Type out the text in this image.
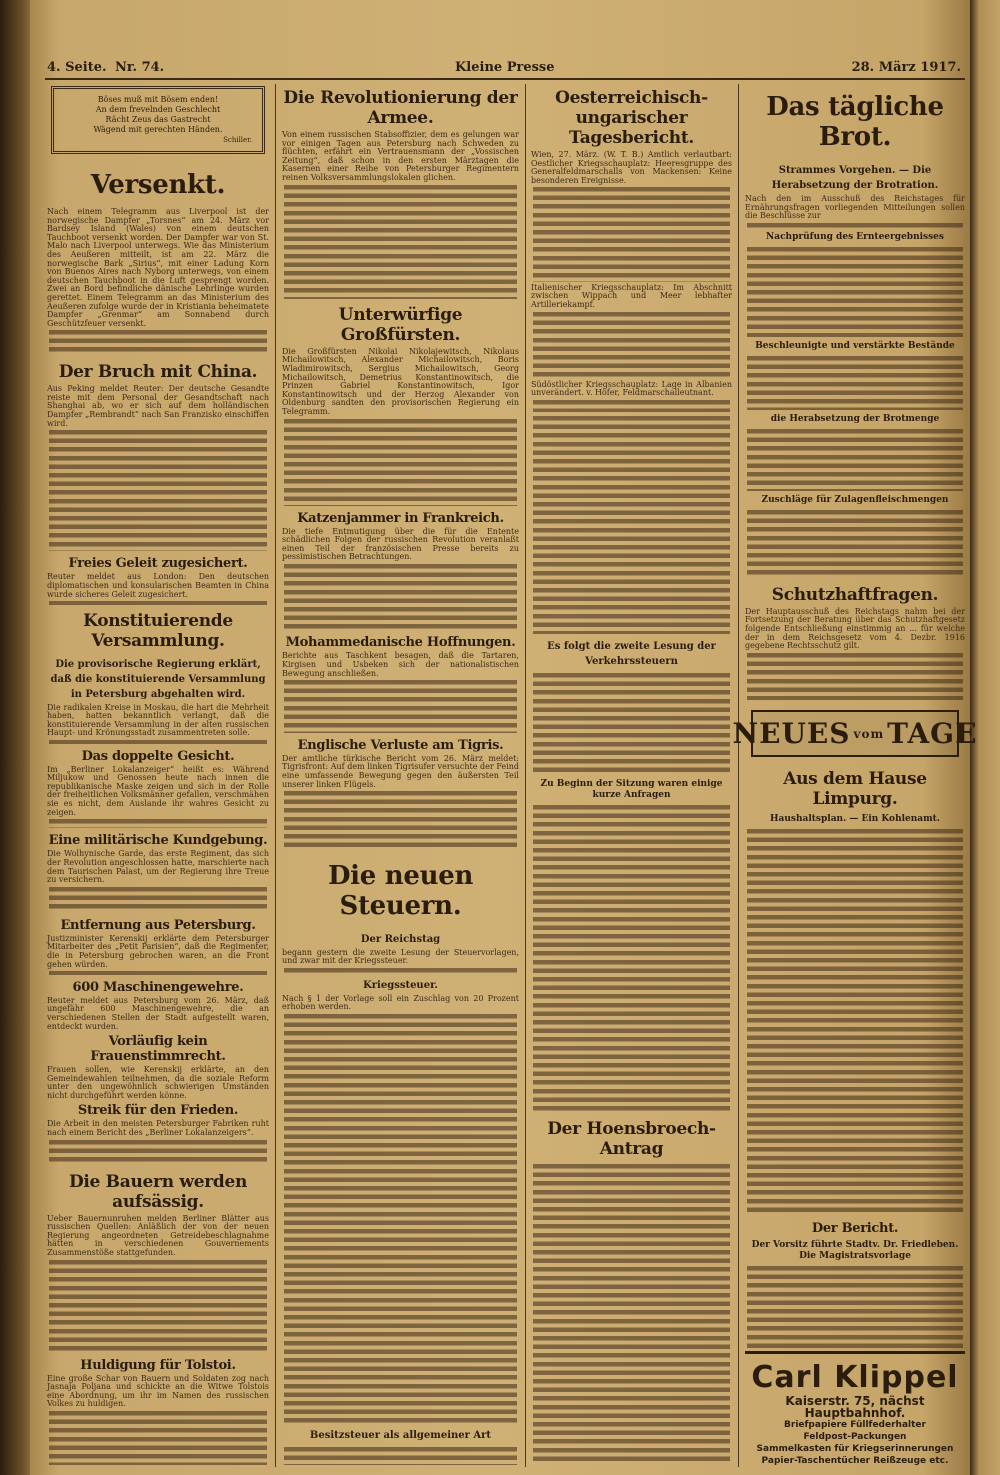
4. Seite. Nr. 74.	Kleine Presse	28. März 1917.
Böses muß mit Bösem enden!
An dem frevelnden Geschlecht
Rächt Zeus das Gastrecht
Wägend mit gerechten Händen.
Schiller.
Versenkt.

Nach einem Telegramm aus Liverpool ist der norwegische Dampfer „Torsnes“ am 24. März vor Bardsey Island (Wales) von einem deutschen Tauchboot versenkt worden. Der Dampfer war von St. Malo nach Liverpool unterwegs. Wie das Ministerium des Aeußeren mitteilt, ist am 22. März die norwegische Bark „Sirius“, mit einer Ladung Korn von Buenos Aires nach Nyborg unterwegs, von einem deutschen Tauchboot in die Luft gesprengt worden. Zwei an Bord befindliche dänische Lehrlinge wurden gerettet. Einem Telegramm an das Ministerium des Aeußeren zufolge wurde der in Kristiania beheimatete Dampfer „Grenmar“ am Sonnabend durch Geschützfeuer versenkt.

Der Bruch mit China.

Aus Peking meldet Reuter: Der deutsche Gesandte reiste mit dem Personal der Gesandtschaft nach Shanghai ab, wo er sich auf dem holländischen Dampfer „Rembrandt“ nach San Franzisko einschiffen wird.

Freies Geleit zugesichert.

Reuter meldet aus London: Den deutschen diplomatischen und konsularischen Beamten in China wurde sicheres Geleit zugesichert.

Konstituierende Versammlung.
Die provisorische Regierung erklärt, daß die konstituierende Versammlung in Petersburg abgehalten wird.

Die radikalen Kreise in Moskau, die hart die Mehrheit haben, hatten bekanntlich verlangt, daß die konstituierende Versammlung in der alten russischen Haupt- und Krönungsstadt zusammentreten solle.

Das doppelte Gesicht.

Im „Berliner Lokalanzeiger“ heißt es: Während Miljukow und Genossen heute nach innen die republikanische Maske zeigen und sich in der Rolle der freiheitlichen Volksmänner gefallen, verschmähen sie es nicht, dem Auslande ihr wahres Gesicht zu zeigen.

Eine militärische Kundgebung.

Die Wolhynische Garde, das erste Regiment, das sich der Revolution angeschlossen hatte, marschierte nach dem Taurischen Palast, um der Regierung ihre Treue zu versichern.

Entfernung aus Petersburg.

Justizminister Kerenskij erklärte dem Petersburger Mitarbeiter des „Petit Parisien“, daß die Regimenter, die in Petersburg gebrochen waren, an die Front gehen würden.

600 Maschinengewehre.

Reuter meldet aus Petersburg vom 26. März, daß ungefähr 600 Maschinengewehre, die an verschiedenen Stellen der Stadt aufgestellt waren, entdeckt wurden.

Vorläufig kein Frauenstimmrecht.

Frauen sollen, wie Kerenskij erklärte, an den Gemeindewahlen teilnehmen, da die soziale Reform unter den ungewöhnlich schwierigen Umständen nicht durchgeführt werden könne.

Streik für den Frieden.

Die Arbeit in den meisten Petersburger Fabriken ruht nach einem Bericht des „Berliner Lokalanzeigers“.

Die Bauern werden aufsässig.

Ueber Bauernunruhen melden Berliner Blätter aus russischen Quellen: Anläßlich der von der neuen Regierung angeordneten Getreidebeschlagnahme hätten in verschiedenen Gouvernements Zusammenstöße stattgefunden.

Huldigung für Tolstoi.

Eine große Schar von Bauern und Soldaten zog nach Jasnaja Poljana und schickte an die Witwe Tolstois eine Abordnung, um ihr im Namen des russischen Volkes zu huldigen.

Die Revolutionierung der Armee.

Von einem russischen Stabsoffizier, dem es gelungen war vor einigen Tagen aus Petersburg nach Schweden zu flüchten, erfährt ein Vertrauensmann der „Vossischen Zeitung“, daß schon in den ersten Märztagen die Kasernen einer Reihe von Petersburger Regimentern reinen Volksversammlungslokalen glichen.

Unterwürfige Großfürsten.

Die Großfürsten Nikolai Nikolajewitsch, Nikolaus Michailowitsch, Alexander Michailowitsch, Boris Wladimirowitsch, Sergius Michailowitsch, Georg Michailowitsch, Demetrius Konstantinowitsch, die Prinzen Gabriel Konstantinowitsch, Igor Konstantinowitsch und der Herzog Alexander von Oldenburg sandten den provisorischen Regierung ein Telegramm.

Katzenjammer in Frankreich.

Die tiefe Entmutigung über die für die Entente schädlichen Folgen der russischen Revolution veranlaßt einen Teil der französischen Presse bereits zu pessimistischen Betrachtungen.

Mohammedanische Hoffnungen.

Berichte aus Taschkent besagen, daß die Tartaren, Kirgisen und Usbeken sich der nationalistischen Bewegung anschließen.

Englische Verluste am Tigris.

Der amtliche türkische Bericht vom 26. März meldet: Tigrisfront: Auf dem linken Tigrisufer versuchte der Feind eine umfassende Bewegung gegen den äußersten Teil unserer linken Flügels.

Die neuen Steuern.
Der Reichstag

begann gestern die zweite Lesung der Steuervorlagen, und zwar mit der Kriegssteuer.

Kriegssteuer.

Nach § 1 der Vorlage soll ein Zuschlag von 20 Prozent erhoben werden.

Besitzsteuer als allgemeiner Art
Oesterreichisch-ungarischer Tagesbericht.

Wien, 27. März. (W. T. B.) Amtlich verlautbart: Oestlicher Kriegsschauplatz: Heeresgruppe des Generalfeldmarschalls von Mackensen: Keine besonderen Ereignisse.

Italienischer Kriegsschauplatz: Im Abschnitt zwischen Wippach und Meer lebhafter Artilleriekampf.

Südöstlicher Kriegsschauplatz: Lage in Albanien unverändert. v. Höfer, Feldmarschalleutnant.

Es folgt die zweite Lesung der Verkehrssteuern
Zu Beginn der Sitzung waren einige kurze Anfragen
Der Hoensbroech-Antrag
Das tägliche Brot.
Strammes Vorgehen. — Die Herabsetzung der Brotration.

Nach den im Ausschuß des Reichstages für Ernährungsfragen vorliegenden Mitteilungen sollen die Beschlüsse zur

Nachprüfung des Ernteergebnisses
Beschleunigte und verstärkte Bestände
die Herabsetzung der Brotmenge
Zuschläge für Zulagenfleischmengen
Schutzhaftfragen.

Der Hauptausschuß des Reichstags nahm bei der Fortsetzung der Beratung über das Schutzhaftgesetz folgende Entschließung einstimmig an ... für welche der in dem Reichsgesetz vom 4. Dezbr. 1916 gegebene Rechtsschutz gilt.

NEUES vom TAGE
Aus dem Hause Limpurg.
Haushaltsplan. — Ein Kohlenamt.
Der Bericht.
Der Vorsitz führte Stadtv. Dr. Friedleben. Die Magistratsvorlage
Carl Klippel
Kaiserstr. 75, nächst Hauptbahnhof.
Briefpapiere Füllfederhalter
Feldpost-Packungen
Sammelkasten für Kriegserinnerungen
Papier-Taschentücher Reißzeuge etc.
